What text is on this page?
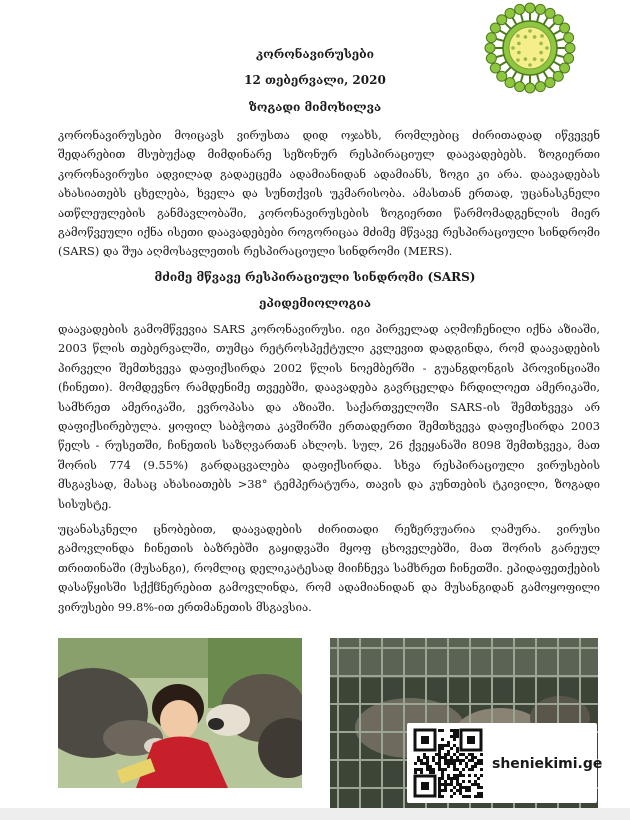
კორონავირუსები
12 თებერვალი, 2020
ზოგადი მიმოხილვა

კორონავირუსები მოიცავს ვირუსთა დიდ ოჯახს, რომლებიც ძირითადად იწვევენ შედარებით მსუბუქად მიმდინარე სეზონურ რესპირაციულ დაავადებებს. ზოგიერთი კორონავირუსი ადვილად გადაეცემა ადამიანიდან ადამიანს, ზოგი კი არა. დაავადებას ახასიათებს ცხელება, ხველა და სუნთქვის უკმარისობა. ამასთან ერთად, უცანასკნელი ათწლეულების განმავლობაში, კორონავირუსების ზოგიერთი წარმომადგენლის მიერ გამოწვეული იქნა ისეთი დაავადებები როგორიცაა მძიმე მწვავე რესპირაციული სინდრომი (SARS) და შუა აღმოსავლეთის რესპირაციული სინდრომი (MERS).

მძიმე მწვავე რესპირაციული სინდრომი (SARS)
ეპიდემიოლოგია

დაავადების გამომწვევია SARS კორონავირუსი. იგი პირველად აღმოჩენილი იქნა აზიაში, 2003 წლის თებერვალში, თუმცა რეტროსპექტული კვლევით დადგინდა, რომ დაავადების პირველი შემთხვევა დაფიქსირდა 2002 წლის ნოემბერში - გუანგდონგის პროვინციაში (ჩინეთი). მომდევნო რამდენიმე თვეებში, დაავადება გავრცელდა ჩრდილოეთ ამერიკაში, სამხრეთ ამერიკაში, ევროპასა და აზიაში. საქართველოში SARS-ის შემთხვევა არ დაფიქსირებულა. ყოფილ საბჭოთა კავშირში ერთადერთი შემთხვევა დაფიქსირდა 2003 წელს - რუსეთში, ჩინეთის საზღვართან ახლოს. სულ, 26 ქვეყანაში 8098 შემთხვევა, მათ შორის 774 (9.55%) გარდაცვალება დაფიქსირდა. სხვა რესპირაციული ვირუსების მსგავსად, მასაც ახასიათებს >38° ტემპერატურა, თავის და კუნთების ტკივილი, ზოგადი სისუსტე.

უცანასკნელი ცნობებით, დაავადების ძირითადი რეზერვუარია ღამურა. ვირუსი გამოვლინდა ჩინეთის ბაზრებში გაყიდვაში მყოფ ცხოველებში, მათ შორის გარეულ თრითინაში (მუსანგი), რომლიც დელიკატესად მიიჩნევა სამხრეთ ჩინეთში. ეპიდაფეთქების დასაწყისში სქქჱნერებით გამოვლინდა, რომ ადამიანიდან და მუსანგიდან გამოყოფილი ვირუსები 99.8%-ით ერთმანეთის მსგავსია.

sheniekimi.ge
